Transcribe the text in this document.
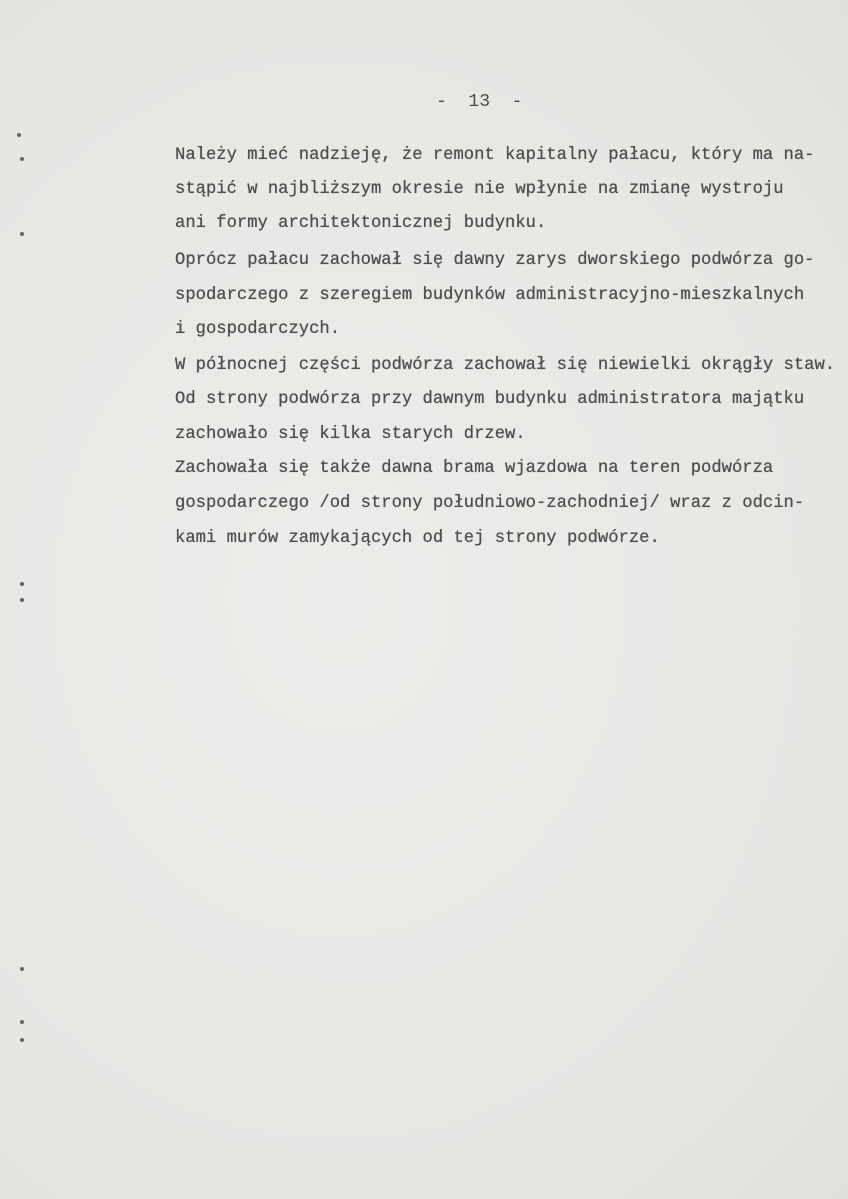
-  13  -
Należy mieć nadzieję, że remont kapitalny pałacu, który ma na-
stąpić w najbliższym okresie nie wpłynie na zmianę wystroju
ani formy architektonicznej budynku.
Oprócz pałacu zachował się dawny zarys dworskiego podwórza go-
spodarczego z szeregiem budynków administracyjno-mieszkalnych
i gospodarczych.
W północnej części podwórza zachował się niewielki okrągły staw.
Od strony podwórza przy dawnym budynku administratora majątku
zachowało się kilka starych drzew.
Zachowała się także dawna brama wjazdowa na teren podwórza
gospodarczego /od strony południowo-zachodniej/ wraz z odcin-
kami murów zamykających od tej strony podwórze.
